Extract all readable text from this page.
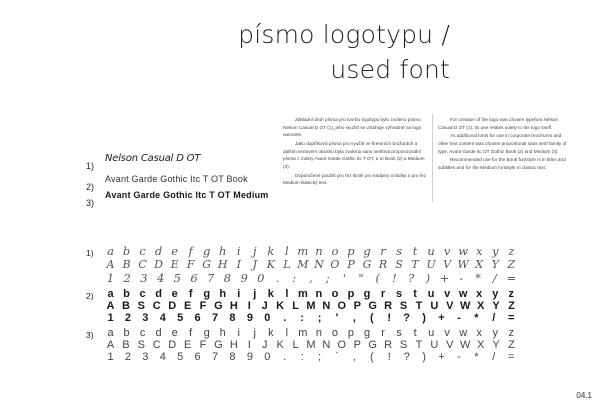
písmo logotypu /
used font

Základní druh písma pro tvorbu logotypu bylo zvoleno písmo Nelson Casual D OT (1), jeho využití se vztahuje výhradně na logo samotné.

Jako doplňková písma pro využití ve firemních brožurách a dalším textovém obsahu byla zvolena sans serifová proporcionální písma z rodiny Avant Garde Gothic Itc T OT, a to Book (2) a Medium (3).

Doporučené použití pro řez Book pro nadpisy a titulky a pro řez Medium klasický text.

For creation of the logo was chosen typefont Nelson Casual D OT (1), its use relates solely to the logo itself.

As additional fonts for use in corporate brochures and other text content was chosen proportional sans serif family of type, Avant Garde Itc OT Gothic Book (2) and Medium (3).

Recommended use for the Book fontstyle is in titles and subtitles and for the Medium fontstyle in classic text.

1)
Nelson Casual D OT
2)
Avant Garde Gothic Itc T OT Book
3)
Avant Garde Gothic Itc T OT Medium
1) a b c d e f g h i	j k l m n o p g r s t u v w x y z
A B C D E F G H I	J K L M N O P G R S T U V W X Y Z
1 2 3 4 5 6 7 8 9 0 .	:	,	;	'	"	(	! ? ) + -	*	/ =
2)	a b c d e	f g h	i	j	k	l m n o p g r s	t u v w x y z
A B S C D E F G H I J K L M N O P G R S T U V W X Y Z
1	2	3	4	5	6	7	8	9	0	.	:	;	'	,	(	!	?	)	+	-	*	/	=
3)	a b c d e	f	g h	i	j	k	l m n o p g	r	s	t	u v w x y z
A B S C D E F G H I	J K L M N O P G R S T U V W X Y Z
1	2	3	4	5	6	7	8	9	0	.	:	;	`	,	(	!	?	)	+	-	*	/	=
04.1
